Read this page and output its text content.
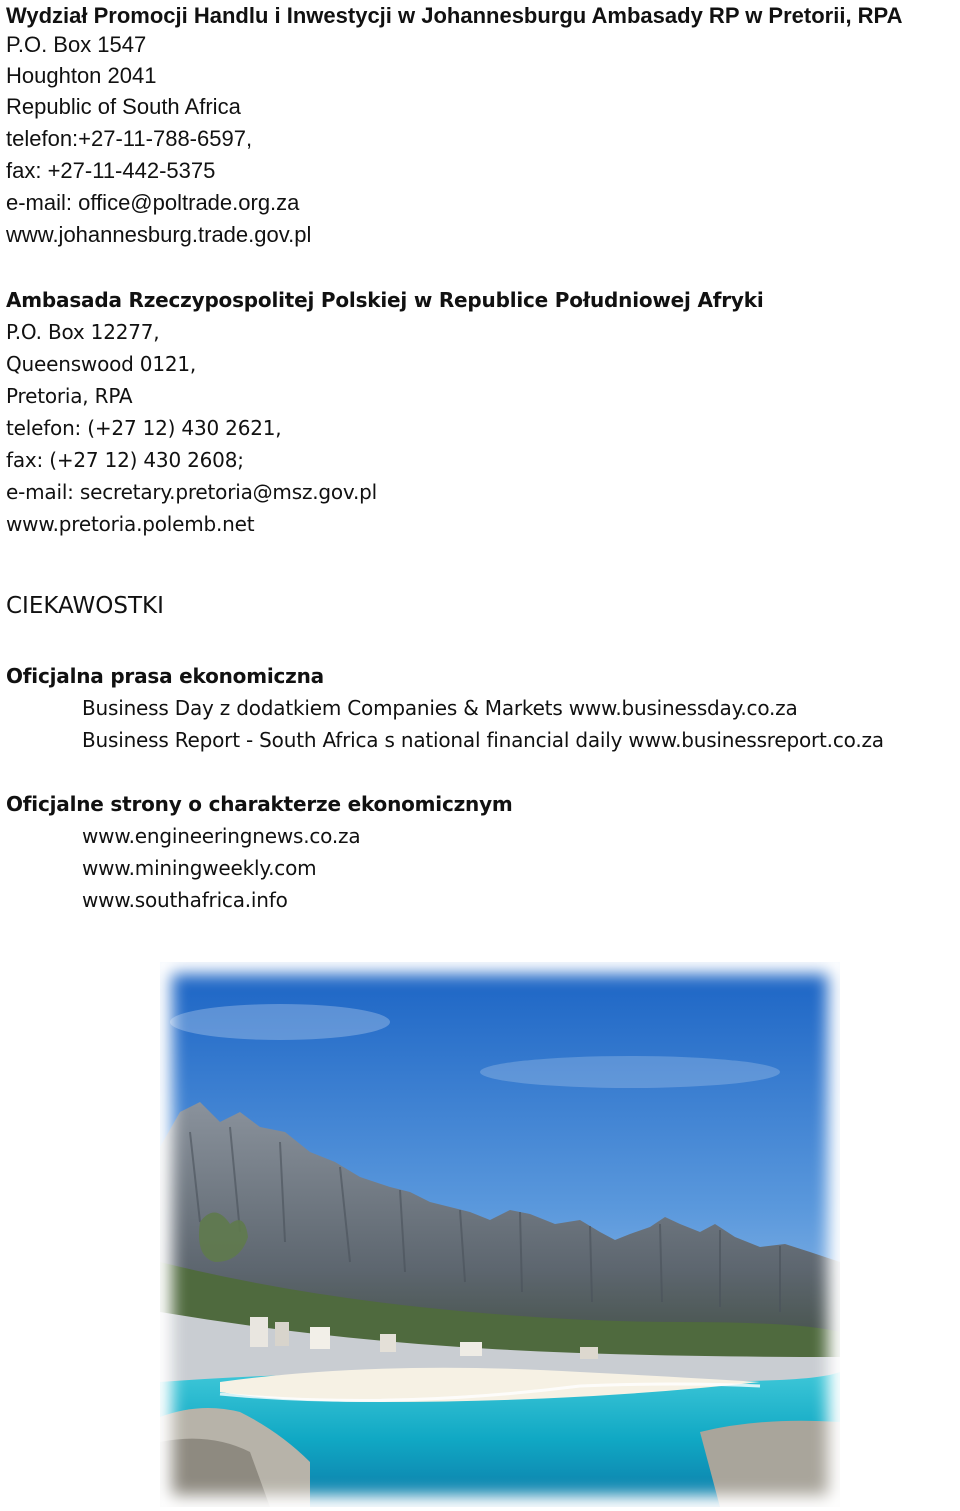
Wydział Promocji Handlu i Inwestycji w Johannesburgu Ambasady RP w Pretorii, RPA
P.O. Box 1547
Houghton 2041
Republic of South Africa
telefon:+27-11-788-6597,
fax: +27-11-442-5375
e-mail: office@poltrade.org.za
www.johannesburg.trade.gov.pl
Ambasada Rzeczypospolitej Polskiej w Republice Południowej Afryki
P.O. Box 12277,
Queenswood 0121,
Pretoria, RPA
telefon: (+27 12) 430 2621,
fax: (+27 12) 430 2608;
e-mail: secretary.pretoria@msz.gov.pl
www.pretoria.polemb.net
CIEKAWOSTKI
Oficjalna prasa ekonomiczna
Business Day z dodatkiem Companies & Markets www.businessday.co.za
Business Report - South Africa s national financial daily www.businessreport.co.za
Oficjalne strony o charakterze ekonomicznym
www.engineeringnews.co.za
www.miningweekly.com
www.southafrica.info
